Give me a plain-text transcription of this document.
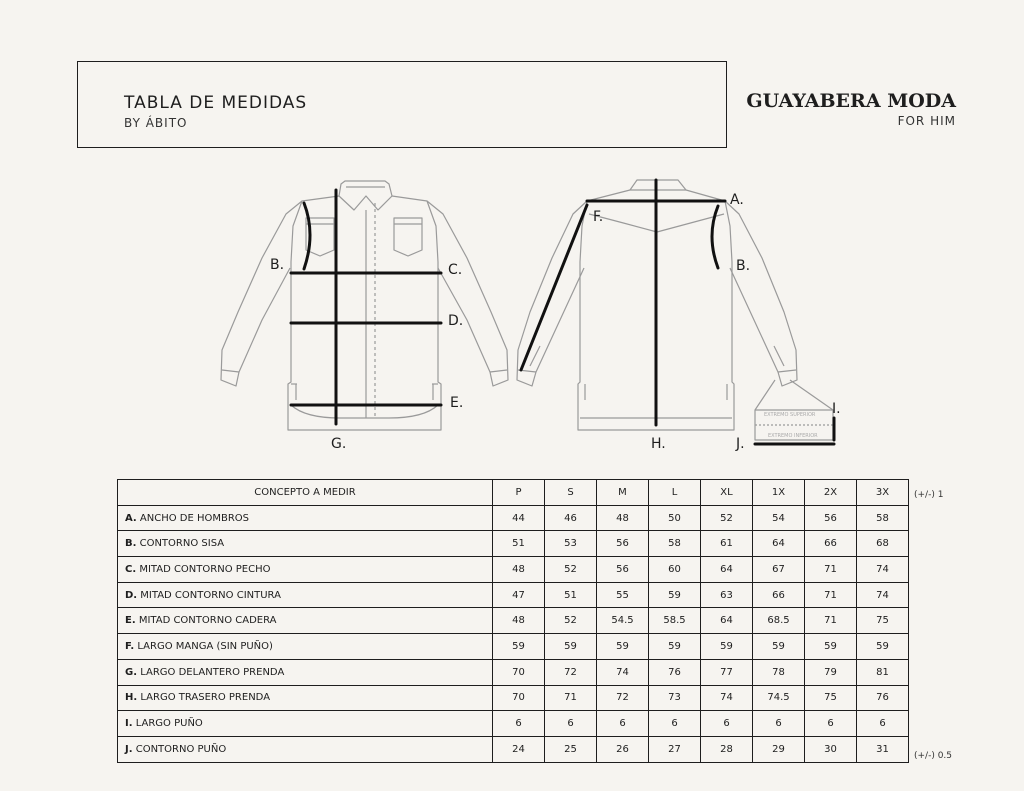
TABLA DE MEDIDAS
BY ÁBITO
GUAYABERA MODA
FOR HIM
EXTREMO SUPERIOR
EXTREMO INFERIOR
A.
B.	B.
C.
D.
E.
F.
G.	H.
I.
J.
CONCEPTO A MEDIR	P	S	M	L	XL	1X	2X	3X
A. ANCHO DE HOMBROS	44	46	48	50	52	54	56	58
B. CONTORNO SISA	51	53	56	58	61	64	66	68
C. MITAD CONTORNO PECHO	48	52	56	60	64	67	71	74
D. MITAD CONTORNO CINTURA	47	51	55	59	63	66	71	74
E. MITAD CONTORNO CADERA	48	52	54.5	58.5	64	68.5	71	75
F. LARGO MANGA (SIN PUÑO)	59	59	59	59	59	59	59	59
G. LARGO DELANTERO PRENDA	70	72	74	76	77	78	79	81
H. LARGO TRASERO PRENDA	70	71	72	73	74	74.5	75	76
I. LARGO PUÑO	6	6	6	6	6	6	6	6
J. CONTORNO PUÑO	24	25	26	27	28	29	30	31
(+/-) 1
(+/-) 0.5
